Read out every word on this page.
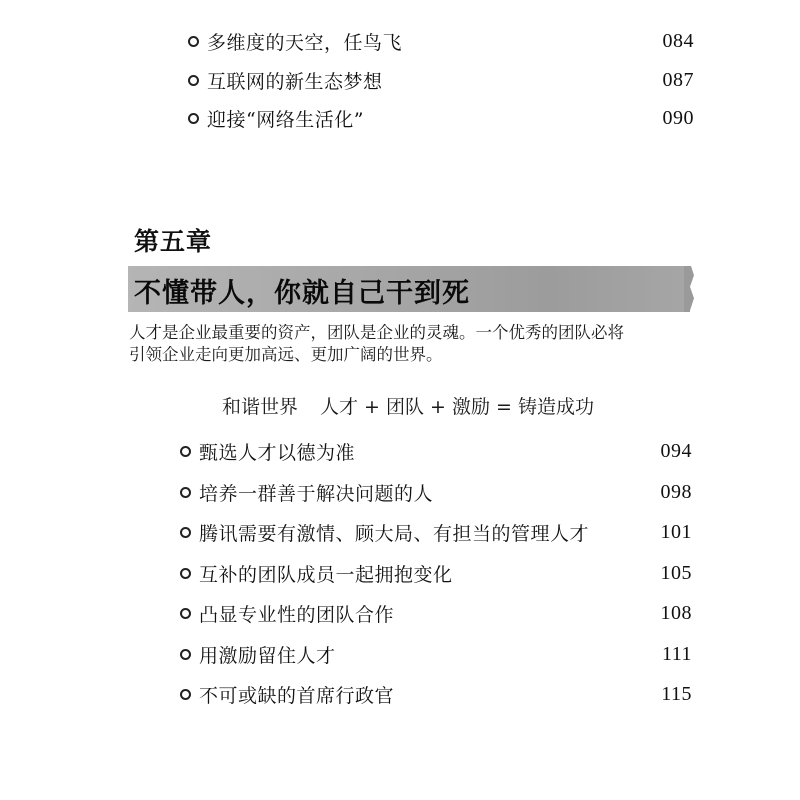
多维度的天空，任鸟飞	084
互联网的新生态梦想	087
迎接“网络生活化”	090
第五章
不懂带人，你就自己干到死

人才是企业最重要的资产，团队是企业的灵魂。一个优秀的团队必将

引领企业走向更加高远、更加广阔的世界。

和谐世界 人才 + 团队 + 激励 = 铸造成功
甄选人才以德为准	094
培养一群善于解决问题的人	098
腾讯需要有激情、顾大局、有担当的管理人才	101
互补的团队成员一起拥抱变化	105
凸显专业性的团队合作	108
用激励留住人才	111
不可或缺的首席行政官	115
